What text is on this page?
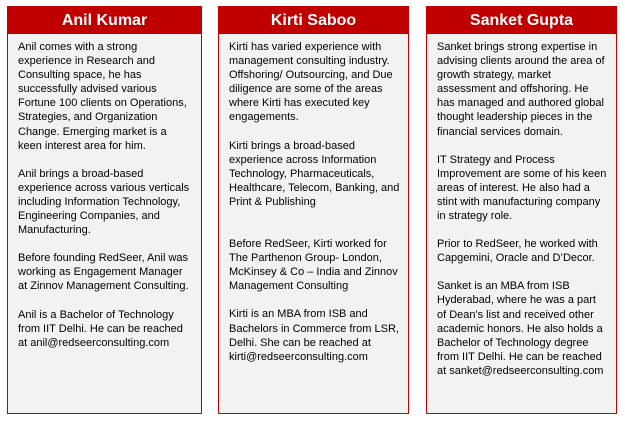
Anil Kumar

Anil comes with a strong experience in Research and Consulting space, he has successfully advised various Fortune 100 clients on Operations, Strategies, and Organization Change. Emerging market is a keen interest area for him.

Anil brings a broad-based experience across various verticals including Information Technology, Engineering Companies, and Manufacturing.

Before founding RedSeer, Anil was working as Engagement Manager at Zinnov Management Consulting.

Anil is a Bachelor of Technology from IIT Delhi. He can be reached at anil@redseerconsulting.com

Kirti Saboo

Kirti has varied experience with management consulting industry. Offshoring/ Outsourcing, and Due diligence are some of the areas where Kirti has executed key engagements.

Kirti brings a broad-based experience across Information Technology, Pharmaceuticals, Healthcare, Telecom, Banking, and Print & Publishing

Before RedSeer, Kirti worked for The Parthenon Group- London, McKinsey & Co – India and Zinnov Management Consulting

Kirti is an MBA from ISB and Bachelors in Commerce from LSR, Delhi. She can be reached at kirti@redseerconsulting.com

Sanket Gupta

Sanket brings strong expertise in advising clients around the area of growth strategy, market assessment and offshoring. He has managed and authored global thought leadership pieces in the financial services domain.

IT Strategy and Process Improvement are some of his keen areas of interest. He also had a stint with manufacturing company in strategy role.

Prior to RedSeer, he worked with Capgemini, Oracle and D’Decor.

Sanket is an MBA from ISB Hyderabad, where he was a part of Dean's list and received other academic honors. He also holds a Bachelor of Technology degree from IIT Delhi. He can be reached at sanket@redseerconsulting.com
